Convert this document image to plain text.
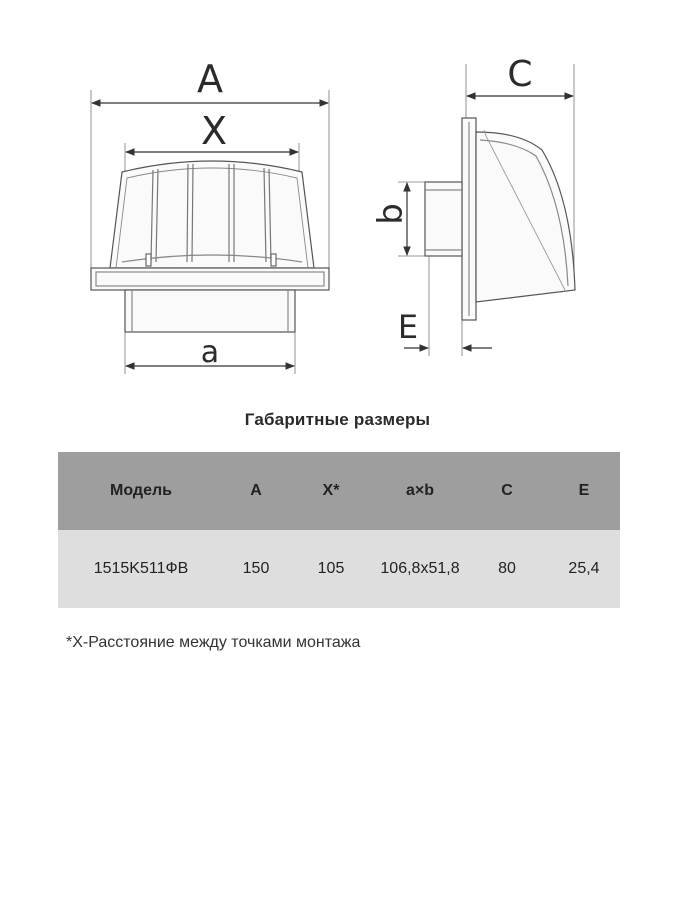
A
X
a
C
b
E
Габаритные размеры
Модель	A	X*	a×b	C	E
1515K511ФВ	150	105	106,8x51,8	80	25,4
*X-Расстояние между точками монтажа
